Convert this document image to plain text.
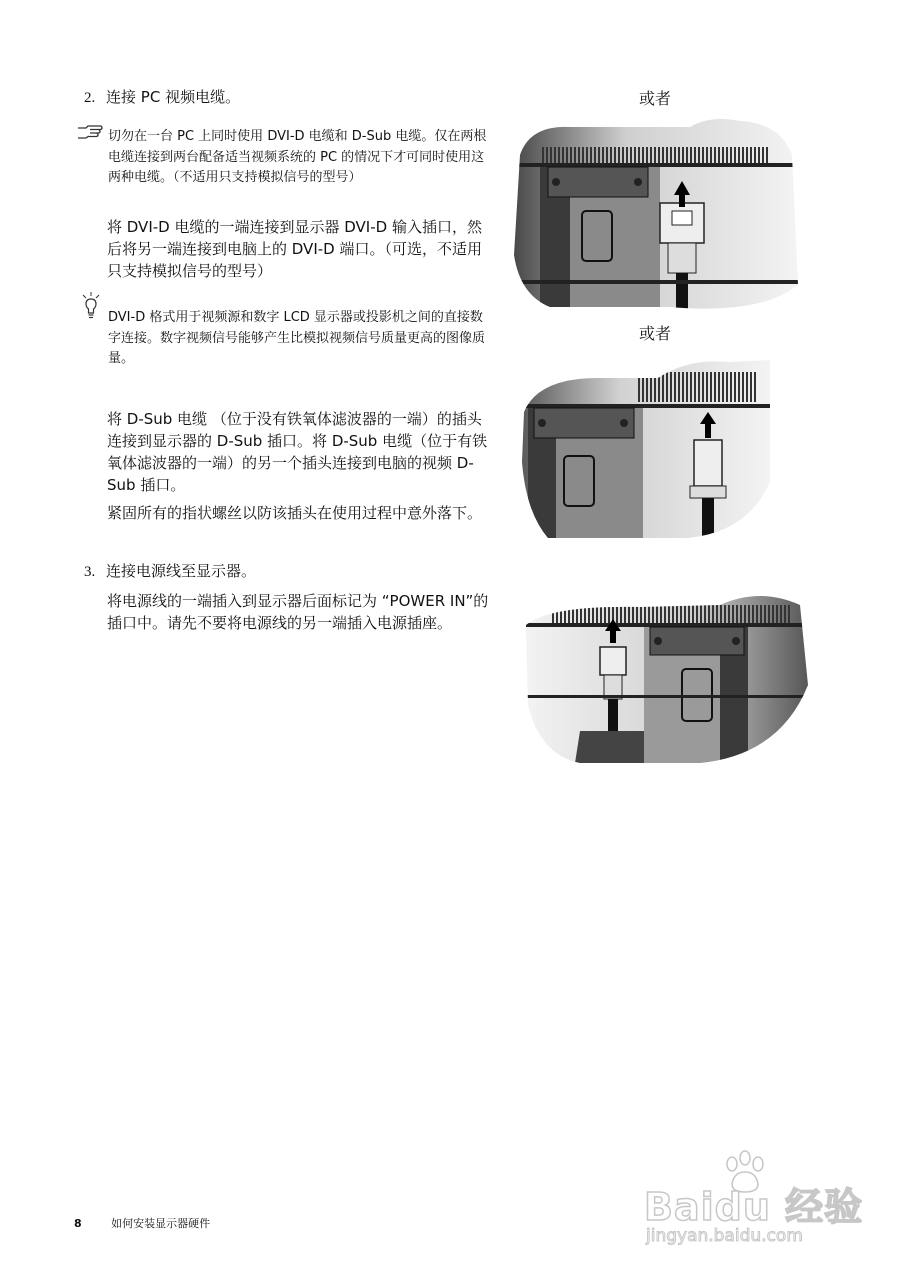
2. 连接 PC 视频电缆。
切勿在一台 PC 上同时使用 DVI-D 电缆和 D-Sub 电缆。仅在两根电缆连接到两台配备适当视频系统的 PC 的情况下才可同时使用这两种电缆。（不适用只支持模拟信号的型号）
将 DVI-D 电缆的一端连接到显示器 DVI-D 输入插口，然后将另一端连接到电脑上的 DVI-D 端口。（可选，不适用只支持模拟信号的型号）
DVI-D 格式用于视频源和数字 LCD 显示器或投影机之间的直接数字连接。数字视频信号能够产生比模拟视频信号质量更高的图像质量。
将 D-Sub 电缆 （位于没有铁氧体滤波器的一端）的插头连接到显示器的 D-Sub 插口。将 D-Sub 电缆（位于有铁氧体滤波器的一端）的另一个插头连接到电脑的视频 D-Sub 插口。
紧固所有的指状螺丝以防该插头在使用过程中意外落下。
3. 连接电源线至显示器。
将电源线的一端插入到显示器后面标记为 “POWER IN”的插口中。请先不要将电源线的另一端插入电源插座。
或者
或者
8	如何安装显示器硬件	Baidu 经验
jingyan.baidu.com
